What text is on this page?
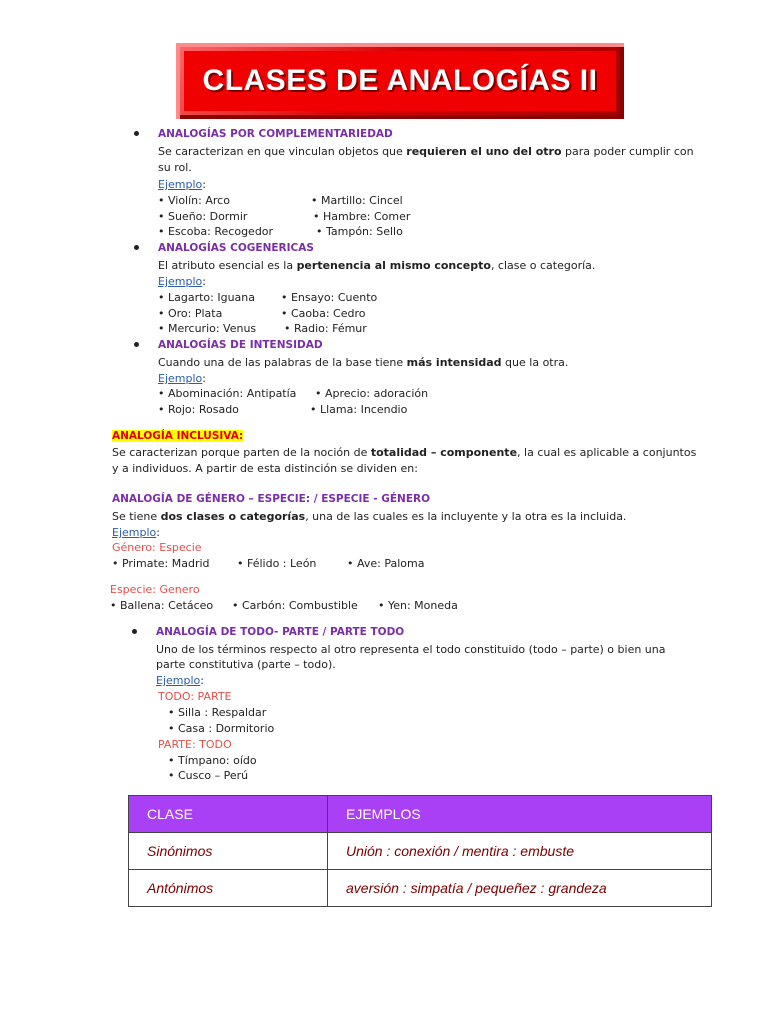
CLASES DE ANALOGÍAS II
ANALOGÍAS POR COMPLEMENTARIEDAD
Se caracterizan en que vinculan objetos que requieren el uno del otro para poder cumplir con
su rol.
Ejemplo:
• Violín: Arco	• Martillo: Cincel
• Sueño: Dormir	• Hambre: Comer
• Escoba: Recogedor	• Tampón: Sello
ANALOGÍAS COGENERICAS
El atributo esencial es la pertenencia al mismo concepto, clase o categoría.
Ejemplo:
• Lagarto: Iguana • Ensayo: Cuento
• Oro: Plata	• Caoba: Cedro
• Mercurio: Venus	• Radio: Fémur
ANALOGÍAS DE INTENSIDAD
Cuando una de las palabras de la base tiene más intensidad que la otra.
Ejemplo:
• Abominación: Antipatía • Aprecio: adoración
• Rojo: Rosado	• Llama: Incendio
ANALOGÍA INCLUSIVA:
Se caracterizan porque parten de la noción de totalidad – componente, la cual es aplicable a conjuntos
y a individuos. A partir de esta distinción se dividen en:
ANALOGÍA DE GÉNERO – ESPECIE: / ESPECIE - GÉNERO
Se tiene dos clases o categorías, una de las cuales es la incluyente y la otra es la incluida.
Ejemplo:
Género: Especie
• Primate: Madrid • Félido : León	• Ave: Paloma
Especie: Genero
• Ballena: Cetáceo • Carbón: Combustible • Yen: Moneda
ANALOGÍA DE TODO- PARTE / PARTE TODO
Uno de los términos respecto al otro representa el todo constituido (todo – parte) o bien una
parte constitutiva (parte – todo).
Ejemplo:
TODO: PARTE
• Silla : Respaldar
• Casa : Dormitorio
PARTE: TODO
• Tímpano: oído
• Cusco – Perú
CLASE	EJEMPLOS
Sinónimos	Unión : conexión / mentira : embuste
Antónimos	aversión : simpatía / pequeñez : grandeza
